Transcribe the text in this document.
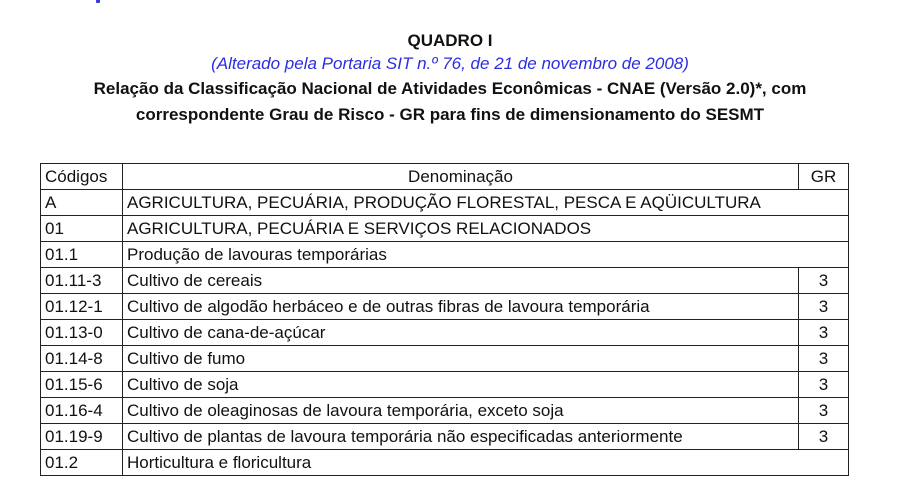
QUADRO I

(Alterado pela Portaria SIT n.º 76, de 21 de novembro de 2008)

Relação da Classificação Nacional de Atividades Econômicas - CNAE (Versão 2.0)*, com

correspondente Grau de Risco - GR para fins de dimensionamento do SESMT

Códigos	Denominação	GR
A	AGRICULTURA, PECUÁRIA, PRODUÇÃO FLORESTAL, PESCA E AQÜICULTURA	
01	AGRICULTURA, PECUÁRIA E SERVIÇOS RELACIONADOS	
01.1	Produção de lavouras temporárias	
01.11-3	Cultivo de cereais	3
01.12-1	Cultivo de algodão herbáceo e de outras fibras de lavoura temporária	3
01.13-0	Cultivo de cana-de-açúcar	3
01.14-8	Cultivo de fumo	3
01.15-6	Cultivo de soja	3
01.16-4	Cultivo de oleaginosas de lavoura temporária, exceto soja	3
01.19-9	Cultivo de plantas de lavoura temporária não especificadas anteriormente	3
01.2	Horticultura e floricultura	
